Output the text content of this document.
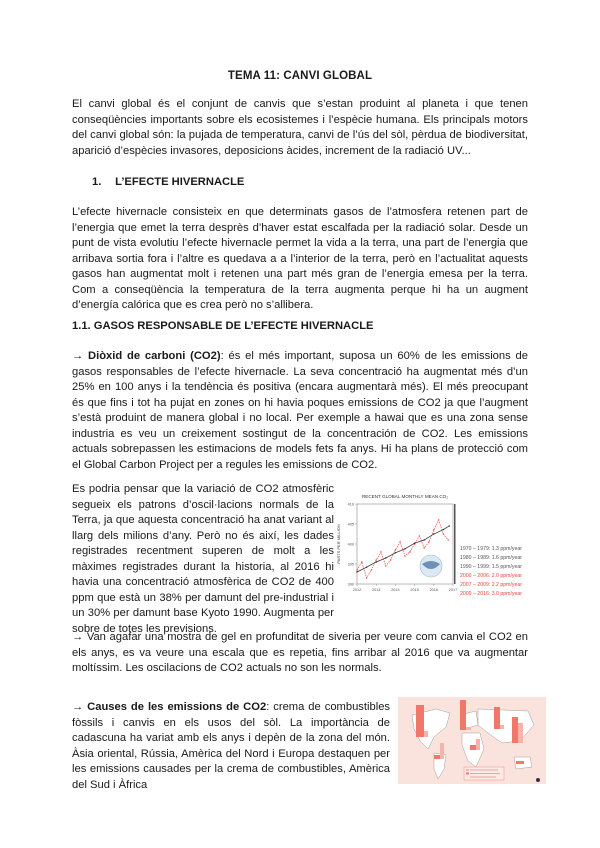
TEMA 11: CANVI GLOBAL

El canvi global és el conjunt de canvis que s’estan produint al planeta i que tenen conseqüències importants sobre els ecosistemes i l’espècie humana. Els principals motors del canvi global són: la pujada de temperatura, canvi de l’ús del sòl, pèrdua de biodiversitat, aparició d’espècies invasores, deposicions àcides, increment de la radiació UV...

1. L’EFECTE HIVERNACLE

L’efecte hivernacle consisteix en que determinats gasos de l’atmosfera retenen part de l’energia que emet la terra desprès d’haver estat escalfada per la radiació solar. Desde un punt de vista evolutiu l’efecte hivernacle permet la vida a la terra, una part de l’energia que arribava sortia fora i l’altre es quedava a a l’interior de la terra, però en l’actualitat aquests gasos han augmentat molt i retenen una part més gran de l’energia emesa per la terra. Com a conseqüència la temperatura de la terra augmenta perque hi ha un augment d’energía calórica que es crea però no s’allibera.

1.1. GASOS RESPONSABLE DE L’EFECTE HIVERNACLE

→ Diòxid de carboni (CO2): és el més important, suposa un 60% de les emissions de gasos responsables de l’efecte hivernacle. La seva concentració ha augmentat més d’un 25% en 100 anys i la tendència és positiva (encara augmentarà més). El més preocupant és que fins i tot ha pujat en zones on hi havia poques emissions de CO2 ja que l’augment s’està produint de manera global i no local. Per exemple a hawai que es una zona sense industria es veu un creixement sostingut de la concentración de CO2. Les emissions actuals sobrepassen les estimacions de models fets fa anys. Hi ha plans de protecció com el Global Carbon Project per a regules les emissions de CO2.

Es podria pensar que la variació de CO2 atmosfèric segueix els patrons d’oscil·lacions normals de la Terra, ja que aquesta concentració ha anat variant al llarg dels milions d’any. Però no és així, les dades registrades recentment superen de molt a les màximes registrades durant la historia, al 2016 hi havia una concentració atmosfèrica de CO2 de 400 ppm que està un 38% per damunt del pre-industrial i un 30% per damunt base Kyoto 1990. Augmenta per sobre de totes les previsions.

RECENT GLOBAL MONTHLY MEAN CO₂
PARTS PER MILLION
390
395
400
405
410
2012	2013	2014	2015	2016	2017
1970 – 1979: 1.3 ppm/year
1980 – 1989: 1.6 ppm/year
1990 – 1999: 1.5 ppm/year
2000 – 2006: 2.0 ppm/year
2007 – 2009: 2.2 ppm/year
2009 – 2016: 3.0 ppm/year

→ Van agafar una mostra de gel en profunditat de siveria per veure com canvia el CO2 en els anys, es va veure una escala que es repetia, fins arribar al 2016 que va augmentar moltíssim. Les oscilacions de CO2 actuals no son les normals.

→ Causes de les emissions de CO2: crema de combustibles fòssils i canvis en els usos del sòl. La importància de cadascuna ha variat amb els anys i depèn de la zona del món. Àsia oriental, Rússia, Amèrica del Nord i Europa destaquen per les emissions causades per la crema de combustibles, Amèrica del Sud i Àfrica
